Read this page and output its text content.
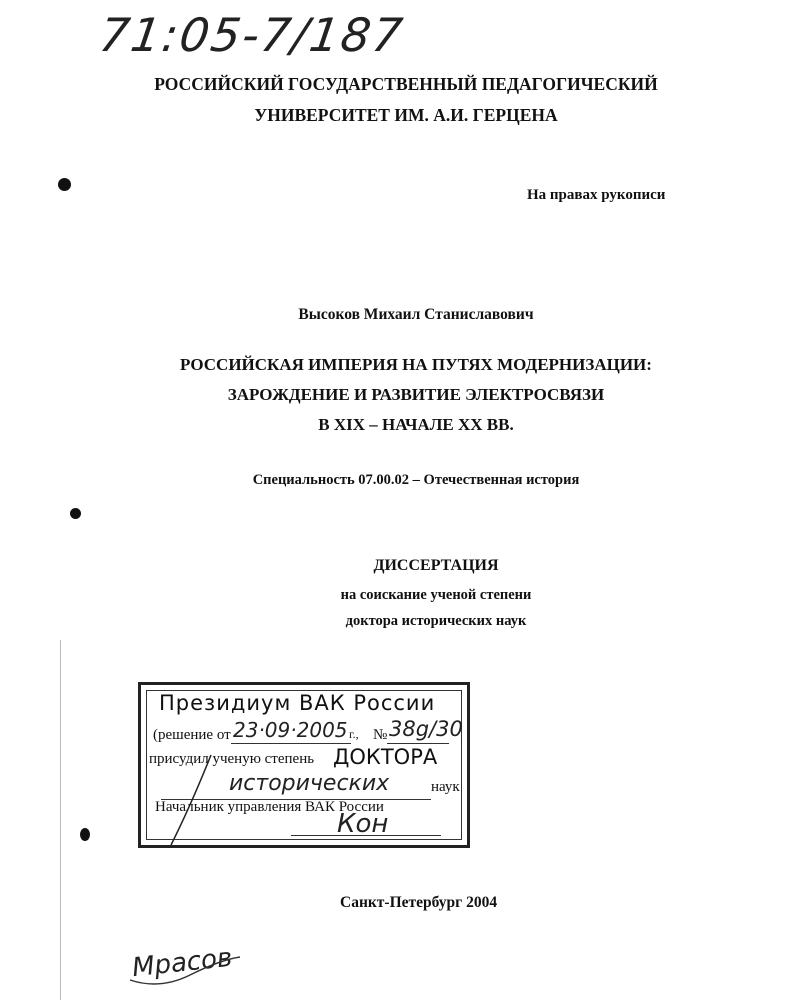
71:05-7/187
РОССИЙСКИЙ ГОСУДАРСТВЕННЫЙ ПЕДАГОГИЧЕСКИЙ
УНИВЕРСИТЕТ ИМ. А.И. ГЕРЦЕНА
На правах рукописи
Высоков Михаил Станиславович
РОССИЙСКАЯ ИМПЕРИЯ НА ПУТЯХ МОДЕРНИЗАЦИИ:
ЗАРОЖДЕНИЕ И РАЗВИТИЕ ЭЛЕКТРОСВЯЗИ
В XIX – НАЧАЛЕ XX ВВ.
Специальность 07.00.02 – Отечественная история
ДИССЕРТАЦИЯ
на соискание ученой степени
доктора исторических наук
Президиум ВАК России
(решение от 23·09·2005 г., № 38g/30
присудил ученую степень ДОКТОРА
исторических	наук
Начальник управления ВАК России
Кон
Санкт-Петербург 2004
Мрасов
